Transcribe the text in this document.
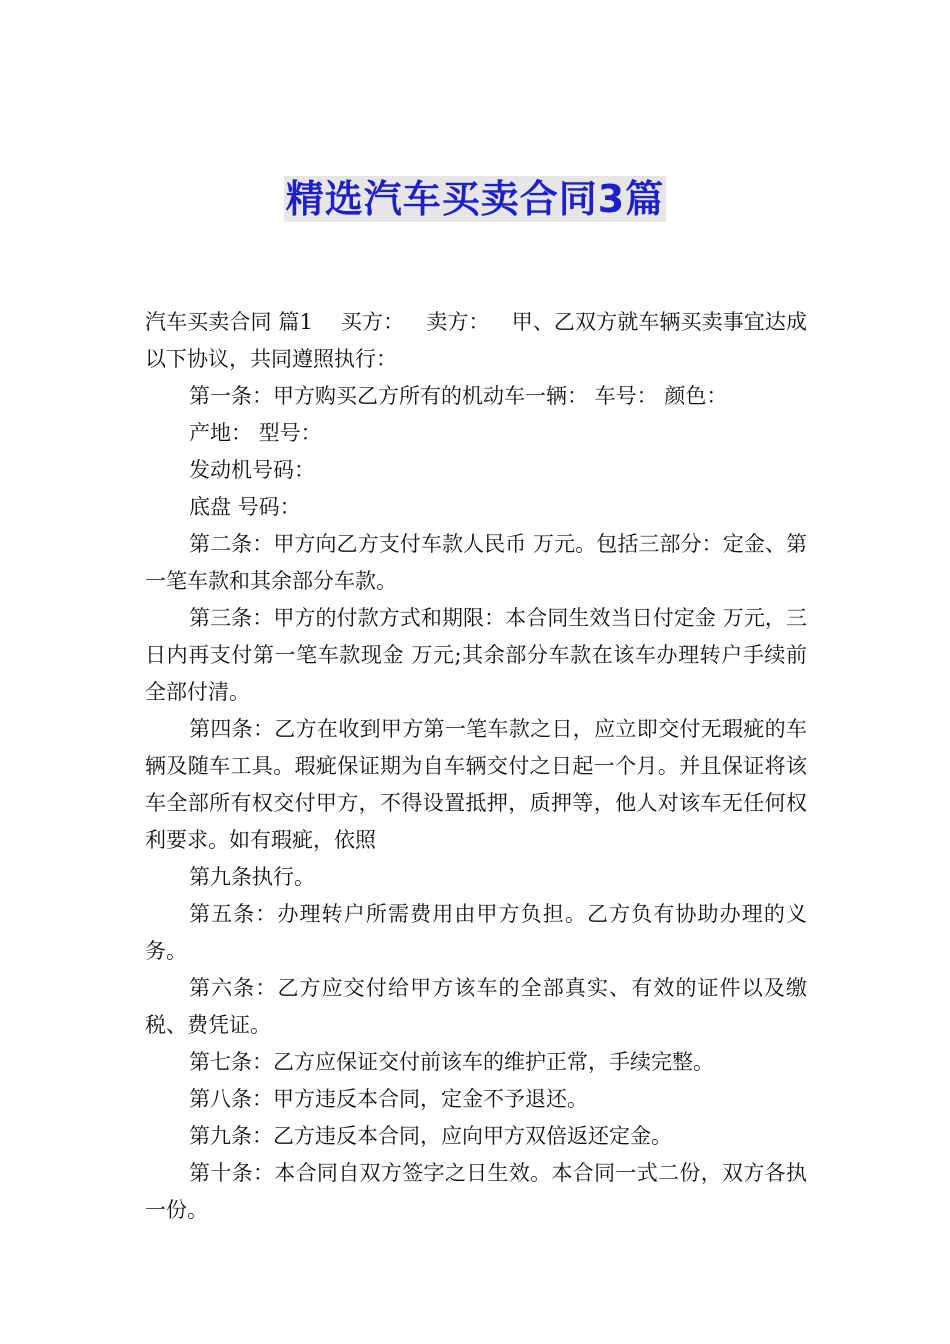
精选汽车买卖合同3篇

汽车买卖合同 篇1 买方： 卖方： 甲、乙双方就车辆买卖事宜达成以下协议，共同遵照执行：

第一条：甲方购买乙方所有的机动车一辆： 车号： 颜色：

产地： 型号：

发动机号码：

底盘 号码：

第二条：甲方向乙方支付车款人民币 万元。包括三部分：定金、第一笔车款和其余部分车款。

第三条：甲方的付款方式和期限：本合同生效当日付定金 万元，三日内再支付第一笔车款现金 万元;其余部分车款在该车办理转户手续前全部付清。

第四条：乙方在收到甲方第一笔车款之日，应立即交付无瑕疵的车辆及随车工具。瑕疵保证期为自车辆交付之日起一个月。并且保证将该车全部所有权交付甲方，不得设置抵押，质押等，他人对该车无任何权利要求。如有瑕疵，依照

第九条执行。

第五条：办理转户所需费用由甲方负担。乙方负有协助办理的义务。

第六条：乙方应交付给甲方该车的全部真实、有效的证件以及缴税、费凭证。

第七条：乙方应保证交付前该车的维护正常，手续完整。

第八条：甲方违反本合同，定金不予退还。

第九条：乙方违反本合同，应向甲方双倍返还定金。

第十条：本合同自双方签字之日生效。本合同一式二份，双方各执一份。
